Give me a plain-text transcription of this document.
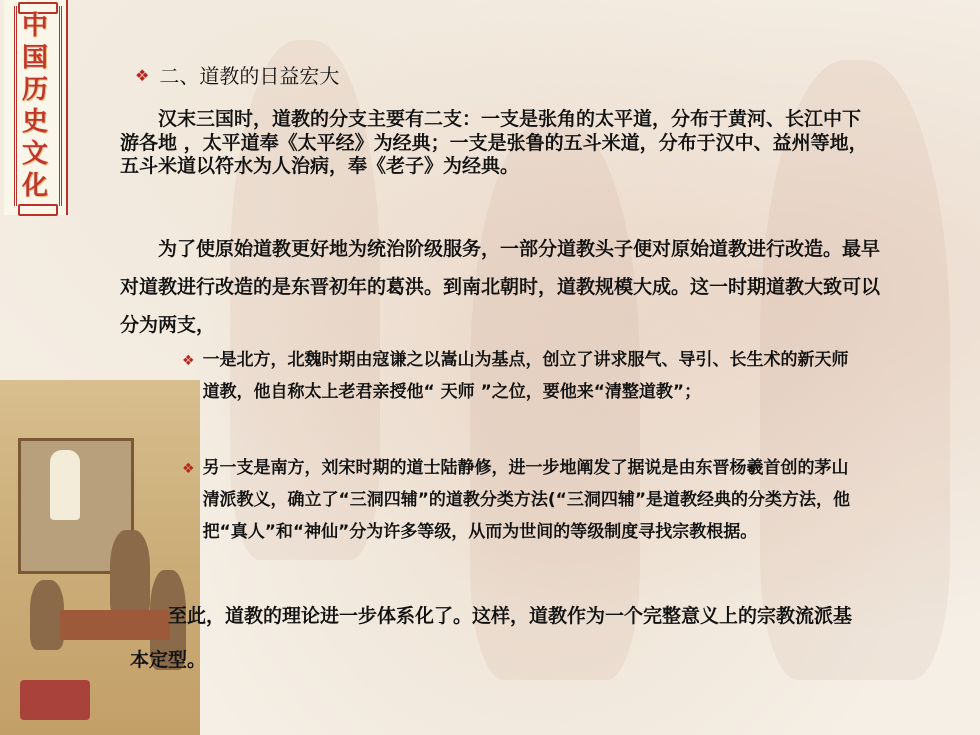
中
国
历
史
文
化
❖ 二、道教的日益宏大
汉末三国时，道教的分支主要有二支：一支是张角的太平道，分布于黄河、长江中下游各地 ，太平道奉《太平经》为经典；一支是张鲁的五斗米道，分布于汉中、益州等地，五斗米道以符水为人治病，奉《老子》为经典。
为了使原始道教更好地为统治阶级服务，一部分道教头子便对原始道教进行改造。最早对道教进行改造的是东晋初年的葛洪。到南北朝时，道教规模大成。这一时期道教大致可以分为两支，
❖ 一是北方，北魏时期由寇谦之以嵩山为基点，创立了讲求服气、导引、长生术的新天师道教，他自称太上老君亲授他“ 天师 ”之位，要他来“清整道教”；
❖ 另一支是南方，刘宋时期的道士陆静修，进一步地阐发了据说是由东晋杨羲首创的茅山清派教义，确立了“三洞四辅”的道教分类方法(“三洞四辅”是道教经典的分类方法，他把“真人”和“神仙”分为许多等级，从而为世间的等级制度寻找宗教根据。
至此，道教的理论进一步体系化了。这样，道教作为一个完整意义上的宗教流派基本定型。
